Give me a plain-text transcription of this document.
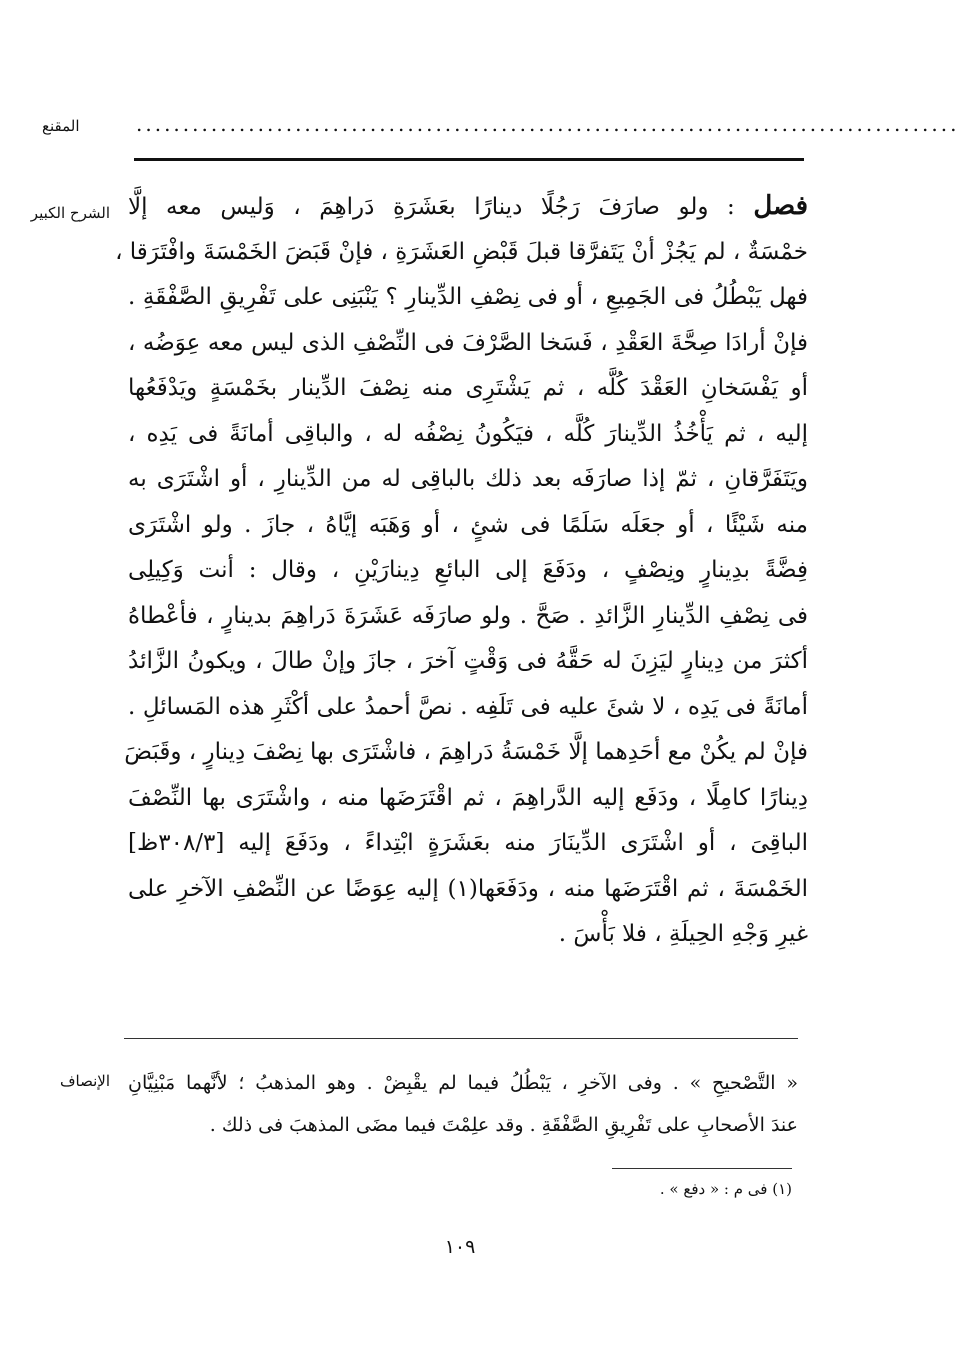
المقنع	........................................................................................
الشرح الكبير	فصل : ولو صارَفَ رَجُلًا دينارًا بعَشَرَةِ دَراهِمَ ، وَليس معه إلَّا
خمْسَةٌ ، لم يَجُزْ أنْ يَتَفرَّقا قبلَ قَبْضِ العَشَرَةِ ، فإنْ قَبَضَ الخَمْسَةَ وافْتَرَقا ،
فهل يَبْطُلُ فى الجَمِيعِ ، أو فى نِصْفِ الدِّينارِ ؟ يَنْبَنِى على تَفْرِيقِ الصَّفْقَةِ .
فإنْ أرادَا صِحَّةَ العَقْدِ ، فَسَخا الصَّرْفَ فى النِّصْفِ الذى ليس معه عِوَضُه ،
أو يَفْسَخانِ العَقْدَ كُلَّه ، ثم يَشْتَرِى منه نِصْفَ الدِّينار بخَمْسَةٍ ويَدْفَعُها
إليه ، ثم يَأْخُذُ الدِّينارَ كُلَّه ، فيَكُونُ نِصْفُه له ، والباقِى أمانَةً فى يَدِه ،
ويَتَفَرَّقانِ ، ثمّ إذا صارَفَه بعد ذلك بالباقِى له من الدِّينارِ ، أو اشْتَرَى به
منه شَيْئًا ، أو جعَلَه سَلَمًا فى شئٍ ، أو وَهَبَه إيَّاهُ ، جازَ . ولو اشْتَرَى
فِضَّةً بدِينارٍ ونِصْفٍ ، ودَفَعَ إلى البائعِ دِينارَيْنِ ، وقال : أنت وَكِيلِى
فى نِصْفِ الدِّينارِ الزَّائدِ . صَحَّ . ولو صارَفَه عَشَرَةَ دَراهِمَ بدينارٍ ، فأعْطاهُ
أكثرَ من دِينارٍ ليَزِنَ له حَقَّهُ فى وَقْتٍ آخرَ ، جازَ وإنْ طالَ ، ويكونُ الزَّائدُ
أمانَةً فى يَدِه ، لا شئَ عليه فى تَلَفِه . نصَّ أحمدُ على أكْثَرِ هذه المَسائلِ .
فإنْ لم يكُنْ مع أحَدِهما إلَّا خَمْسَةُ دَراهِمَ ، فاشْتَرَى بها نِصْفَ دِينارٍ ، وقَبَضَ
دِينارًا كامِلًا ، ودَفَع إليه الدَّراهِمَ ، ثم اقْتَرَضَها منه ، واشْتَرَى بها النِّصْفَ
الباقِىَ ، أو اشْتَرَى الدِّينَارَ منه بعَشَرَةٍ ابْتِداءً ، ودَفَعَ إليه [٣٠٨/٣ظ]
الخَمْسَةَ ، ثم اقْتَرَضَها منه ، ودَفَعَها(١) إليه عِوَضًا عن النِّصْفِ الآخرِ على
غيرِ وَجْهِ الحِيلَةِ ، فلا بَأْسَ .
الإنصاف « التَّصْحيحِ » . وفى الآخرِ ، يَبْطُلُ فيما لم يقْبِضْ . وهو المذهبُ ؛ لأنَّهما مَبْنِيَّانِ
عندَ الأصحابِ على تَفْرِيقِ الصَّفْقَةِ . وقد علِمْتَ فيما مضَى المذهبَ فى ذلك .
(١) فى م : « دفع » .
١٠٩
